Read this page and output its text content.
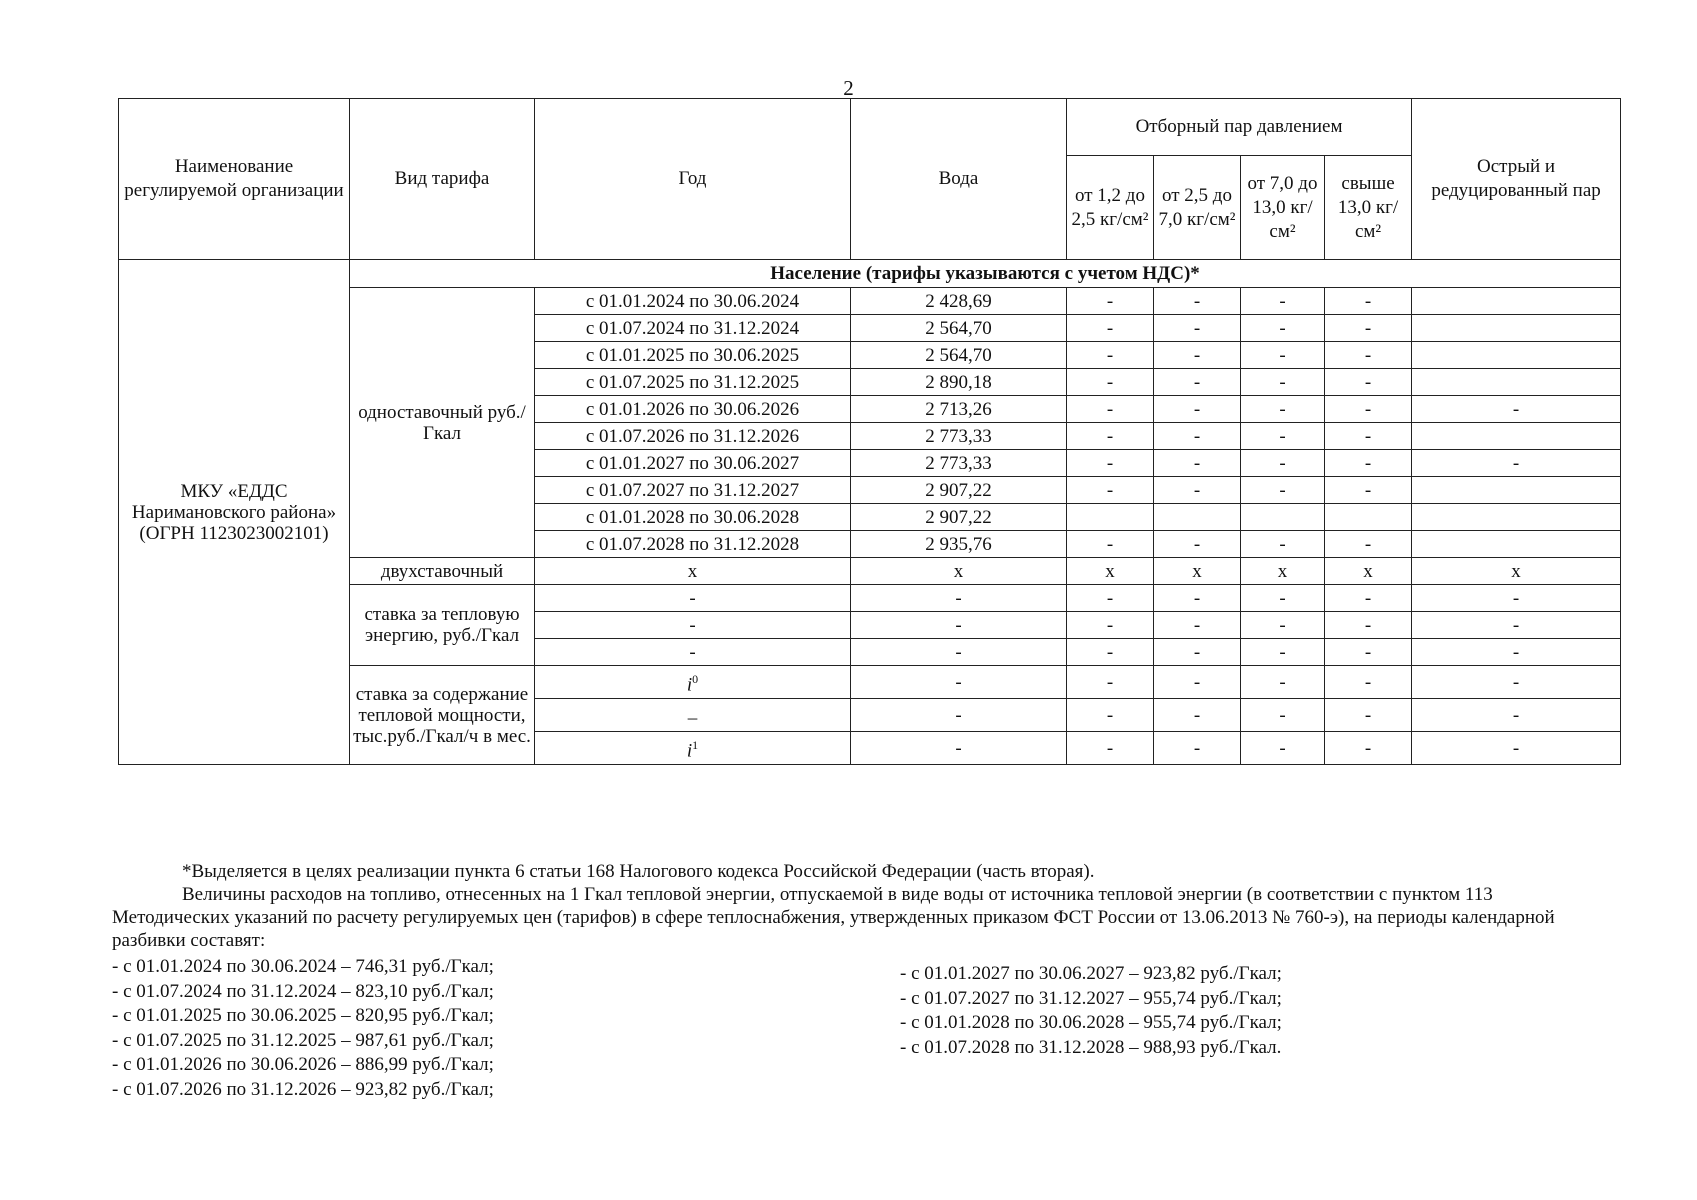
2
Наименование регулируемой организации	Вид тарифа	Год	Вода	Отборный пар давлением				Острый и редуцированный пар
				от 1,2 до 2,5 кг/см²	от 2,5 до 7,0 кг/см²	от 7,0 до 13,0 кг/см²	свыше 13,0 кг/см²	
МКУ «ЕДДС Наримановского района» (ОГРН 1123023002101)	Население (тарифы указываются с учетом НДС)*							
	одноставочный руб./Гкал	с 01.01.2024 по 30.06.2024	2 428,69	-	-	-	-	
		с 01.07.2024 по 31.12.2024	2 564,70	-	-	-	-	
		с 01.01.2025 по 30.06.2025	2 564,70	-	-	-	-	
		с 01.07.2025 по 31.12.2025	2 890,18	-	-	-	-	
		с 01.01.2026 по 30.06.2026	2 713,26	-	-	-	-	-
		с 01.07.2026 по 31.12.2026	2 773,33	-	-	-	-	
		с 01.01.2027 по 30.06.2027	2 773,33	-	-	-	-	-
		с 01.07.2027 по 31.12.2027	2 907,22	-	-	-	-	
		с 01.01.2028 по 30.06.2028	2 907,22					
		с 01.07.2028 по 31.12.2028	2 935,76	-	-	-	-	
	двухставочный	x	x	x	x	x	x	x
	ставка за тепловую энергию, руб./Гкал	-	-	-	-	-	-	-
		-	-	-	-	-	-	-
		-	-	-	-	-	-	-
	ставка за содержание тепловой мощности, тыс.руб./Гкал/ч в мес.	$i^0$	-	-	-	-	-	-
		–	-	-	-	-	-	-
		$i^1$	-	-	-	-	-	-

*Выделяется в целях реализации пункта 6 статьи 168 Налогового кодекса Российской Федерации (часть вторая).

Величины расходов на топливо, отнесенных на 1 Гкал тепловой энергии, отпускаемой в виде воды от источника тепловой энергии (в соответствии с пунктом 113 Методических указаний по расчету регулируемых цен (тарифов) в сфере теплоснабжения, утвержденных приказом ФСТ России от 13.06.2013 № 760-э), на периоды календарной разбивки составят:

- с 01.01.2024 по 30.06.2024 – 746,31 руб./Гкал;
- с 01.07.2024 по 31.12.2024 – 823,10 руб./Гкал;
- с 01.01.2025 по 30.06.2025 – 820,95 руб./Гкал;
- с 01.07.2025 по 31.12.2025 – 987,61 руб./Гкал;
- с 01.01.2026 по 30.06.2026 – 886,99 руб./Гкал;
- с 01.07.2026 по 31.12.2026 – 923,82 руб./Гкал;
- с 01.01.2027 по 30.06.2027 – 923,82 руб./Гкал;
- с 01.07.2027 по 31.12.2027 – 955,74 руб./Гкал;
- с 01.01.2028 по 30.06.2028 – 955,74 руб./Гкал;
- с 01.07.2028 по 31.12.2028 – 988,93 руб./Гкал.
